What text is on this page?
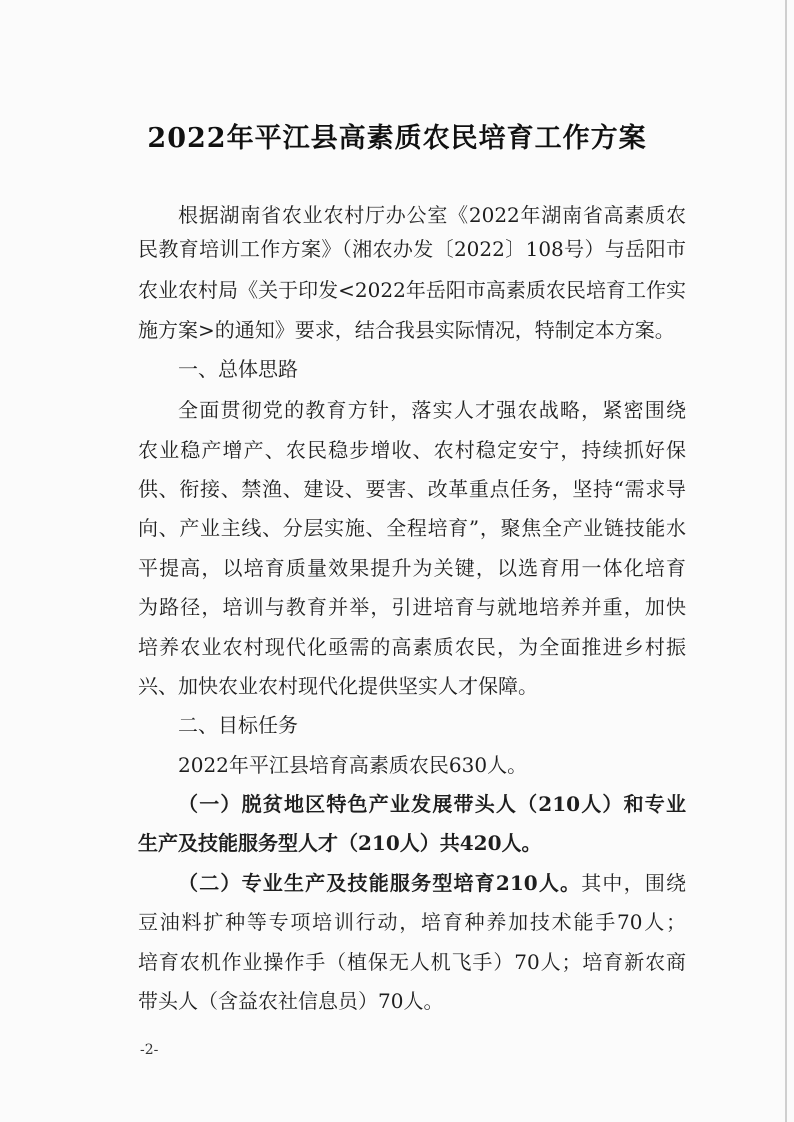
2022年平江县高素质农民培育工作方案
根据湖南省农业农村厅办公室《2022年湖南省高素质农
民教育培训工作方案》（湘农办发〔2022〕108号）与岳阳市
农业农村局《关于印发<2022年岳阳市高素质农民培育工作实
施方案>的通知》要求，结合我县实际情况，特制定本方案。
一、总体思路
全面贯彻党的教育方针，落实人才强农战略，紧密围绕
农业稳产增产、农民稳步增收、农村稳定安宁，持续抓好保
供、衔接、禁渔、建设、要害、改革重点任务，坚持“需求导
向、产业主线、分层实施、全程培育”，聚焦全产业链技能水
平提高，以培育质量效果提升为关键，以选育用一体化培育
为路径，培训与教育并举，引进培育与就地培养并重，加快
培养农业农村现代化亟需的高素质农民，为全面推进乡村振
兴、加快农业农村现代化提供坚实人才保障。
二、目标任务
2022年平江县培育高素质农民630人。
（一）脱贫地区特色产业发展带头人（210人）和专业
生产及技能服务型人才（210人）共420人。
（二）专业生产及技能服务型培育210人。其中，围绕
豆油料扩种等专项培训行动，培育种养加技术能手70人；
培育农机作业操作手（植保无人机飞手）70人；培育新农商
带头人（含益农社信息员）70人。
-2-
